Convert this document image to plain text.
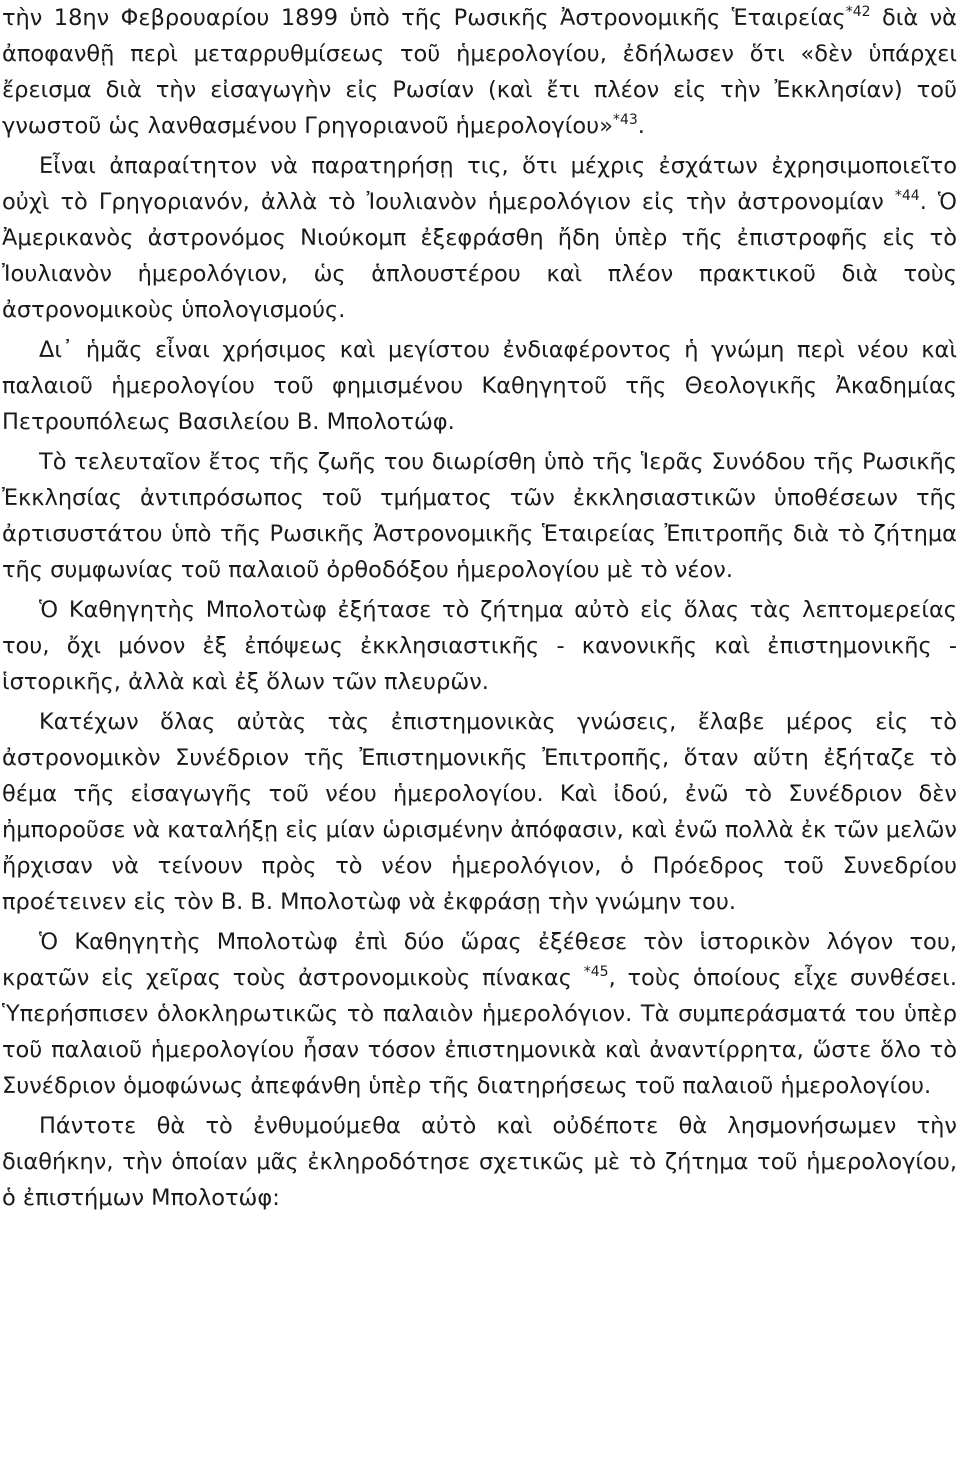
τὴν 18ην Φεβρουαρίου 1899 ὑπὸ τῆς Ρωσικῆς Ἀστρονομικῆς Ἑταιρείας$^{*42}$ διὰ νὰ ἀποφανθῇ περὶ μεταρρυθμίσεως τοῦ ἡμερολογίου, ἐδήλωσεν ὅτι «δὲν ὑπάρχει ἔρεισμα διὰ τὴν εἰσαγωγὴν εἰς Ρωσίαν (καὶ ἔτι πλέον εἰς τὴν Ἐκκλησίαν) τοῦ γνωστοῦ ὡς λανθασμένου Γρηγοριανοῦ ἡμερολογίου»$^{*43}$.

Εἶναι ἀπαραίτητον νὰ παρατηρήσῃ τις, ὅτι μέχρις ἐσχάτων ἐχρησιμοποιεῖτο οὐχὶ τὸ Γρηγοριανόν, ἀλλὰ τὸ Ἰουλιανὸν ἡμερολόγιον εἰς τὴν ἀστρονομίαν $^{*44}$. Ὁ Ἀμερικανὸς ἀστρονόμος Νιούκομπ ἐξεφράσθη ἤδη ὑπὲρ τῆς ἐπιστροφῆς εἰς τὸ Ἰουλιανὸν ἡμερολόγιον, ὡς ἁπλουστέρου καὶ πλέον πρακτικοῦ διὰ τοὺς ἀστρονομικοὺς ὑπολογισμούς.

Δι᾿ ἡμᾶς εἶναι χρήσιμος καὶ μεγίστου ἐνδιαφέροντος ἡ γνώμη περὶ νέου καὶ παλαιοῦ ἡμερολογίου τοῦ φημισμένου Καθηγητοῦ τῆς Θεολογικῆς Ἀκαδημίας Πετρουπόλεως Βασιλείου Β. Μπολοτώφ.

Τὸ τελευταῖον ἔτος τῆς ζωῆς του διωρίσθη ὑπὸ τῆς Ἱερᾶς Συνόδου τῆς Ρωσικῆς Ἐκκλησίας ἀντιπρόσωπος τοῦ τμήματος τῶν ἐκκλησιαστικῶν ὑποθέσεων τῆς ἀρτισυστάτου ὑπὸ τῆς Ρωσικῆς Ἀστρονομικῆς Ἑταιρείας Ἐπιτροπῆς διὰ τὸ ζήτημα τῆς συμφωνίας τοῦ παλαιοῦ ὀρθοδόξου ἡμερολογίου μὲ τὸ νέον.

Ὁ Καθηγητὴς Μπολοτὼφ ἐξήτασε τὸ ζήτημα αὐτὸ εἰς ὅλας τὰς λεπτομερείας του, ὄχι μόνον ἐξ ἐπόψεως ἐκκλησιαστικῆς - κανονικῆς καὶ ἐπιστημονικῆς - ἱστορικῆς, ἀλλὰ καὶ ἐξ ὅλων τῶν πλευρῶν.

Κατέχων ὅλας αὐτὰς τὰς ἐπιστημονικὰς γνώσεις, ἔλαβε μέρος εἰς τὸ ἀστρονομικὸν Συνέδριον τῆς Ἐπιστημονικῆς Ἐπιτροπῆς, ὅταν αὕτη ἐξήταζε τὸ θέμα τῆς εἰσαγωγῆς τοῦ νέου ἡμερολογίου. Καὶ ἰδού, ἐνῶ τὸ Συνέδριον δὲν ἠμποροῦσε νὰ καταλήξῃ εἰς μίαν ὡρισμένην ἀπόφασιν, καὶ ἐνῶ πολλὰ ἐκ τῶν μελῶν ἤρχισαν νὰ τείνουν πρὸς τὸ νέον ἡμερολόγιον, ὁ Πρόεδρος τοῦ Συνεδρίου προέτεινεν εἰς τὸν Β. Β. Μπολοτὼφ νὰ ἐκφράσῃ τὴν γνώμην του.

Ὁ Καθηγητὴς Μπολοτὼφ ἐπὶ δύο ὥρας ἐξέθεσε τὸν ἱστορικὸν λόγον του, κρατῶν εἰς χεῖρας τοὺς ἀστρονομικοὺς πίνακας $^{*45}$, τοὺς ὁποίους εἶχε συνθέσει. Ὑπερήσπισεν ὁλοκληρωτικῶς τὸ παλαιὸν ἡμερολόγιον. Τὰ συμπεράσματά του ὑπὲρ τοῦ παλαιοῦ ἡμερολογίου ἦσαν τόσον ἐπιστημονικὰ καὶ ἀναντίρρητα, ὥστε ὅλο τὸ Συνέδριον ὁμοφώνως ἀπεφάνθη ὑπὲρ τῆς διατηρήσεως τοῦ παλαιοῦ ἡμερολογίου.

Πάντοτε θὰ τὸ ἐνθυμούμεθα αὐτὸ καὶ οὐδέποτε θὰ λησμονήσωμεν τὴν διαθήκην, τὴν ὁποίαν μᾶς ἐκληροδότησε σχετικῶς μὲ τὸ ζήτημα τοῦ ἡμερολογίου, ὁ ἐπιστήμων Μπολοτώφ:
